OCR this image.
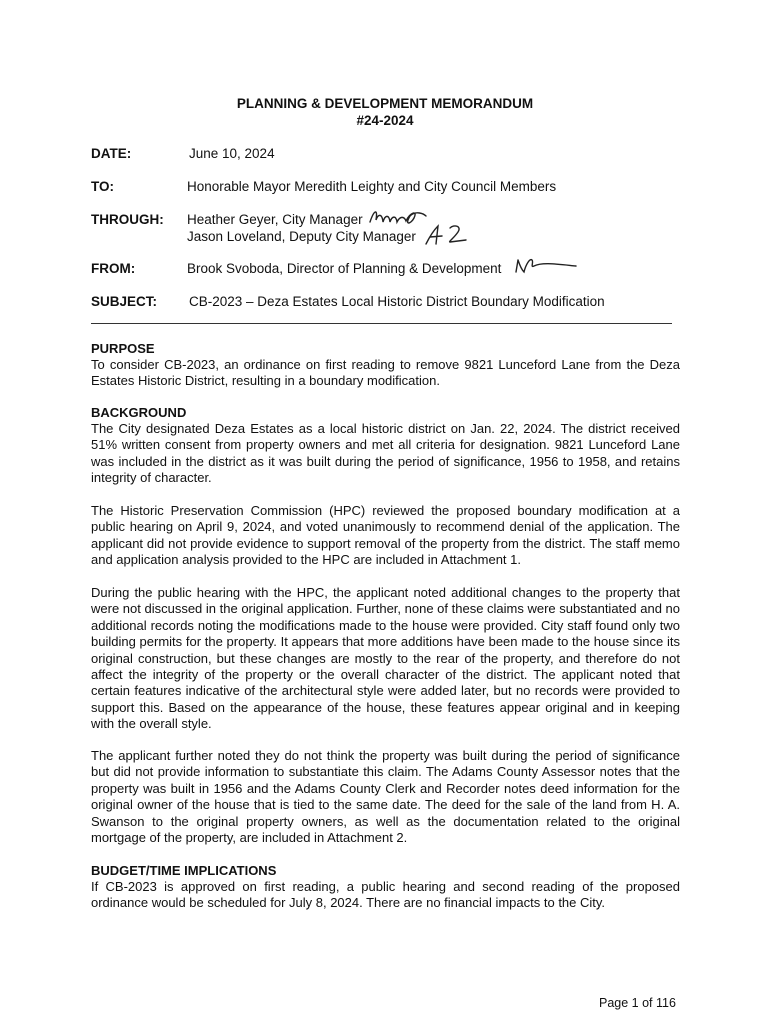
PLANNING & DEVELOPMENT MEMORANDUM
#24-2024
DATE:	June 10, 2024
TO:	Honorable Mayor Meredith Leighty and City Council Members
THROUGH: Heather Geyer, City Manager
Jason Loveland, Deputy City Manager
FROM:	Brook Svoboda, Director of Planning & Development
SUBJECT: CB-2023 – Deza Estates Local Historic District Boundary Modification
PURPOSE
To consider CB-2023, an ordinance on first reading to remove 9821 Lunceford Lane from the Deza Estates Historic District, resulting in a boundary modification.
BACKGROUND
The City designated Deza Estates as a local historic district on Jan. 22, 2024. The district received 51% written consent from property owners and met all criteria for designation. 9821 Lunceford Lane was included in the district as it was built during the period of significance, 1956 to 1958, and retains integrity of character.
The Historic Preservation Commission (HPC) reviewed the proposed boundary modification at a public hearing on April 9, 2024, and voted unanimously to recommend denial of the application. The applicant did not provide evidence to support removal of the property from the district. The staff memo and application analysis provided to the HPC are included in Attachment 1.
During the public hearing with the HPC, the applicant noted additional changes to the property that were not discussed in the original application. Further, none of these claims were substantiated and no additional records noting the modifications made to the house were provided. City staff found only two building permits for the property. It appears that more additions have been made to the house since its original construction, but these changes are mostly to the rear of the property, and therefore do not affect the integrity of the property or the overall character of the district. The applicant noted that certain features indicative of the architectural style were added later, but no records were provided to support this. Based on the appearance of the house, these features appear original and in keeping with the overall style.
The applicant further noted they do not think the property was built during the period of significance but did not provide information to substantiate this claim. The Adams County Assessor notes that the property was built in 1956 and the Adams County Clerk and Recorder notes deed information for the original owner of the house that is tied to the same date. The deed for the sale of the land from H. A. Swanson to the original property owners, as well as the documentation related to the original mortgage of the property, are included in Attachment 2.
BUDGET/TIME IMPLICATIONS
If CB-2023 is approved on first reading, a public hearing and second reading of the proposed ordinance would be scheduled for July 8, 2024. There are no financial impacts to the City.
Page 1 of 116
